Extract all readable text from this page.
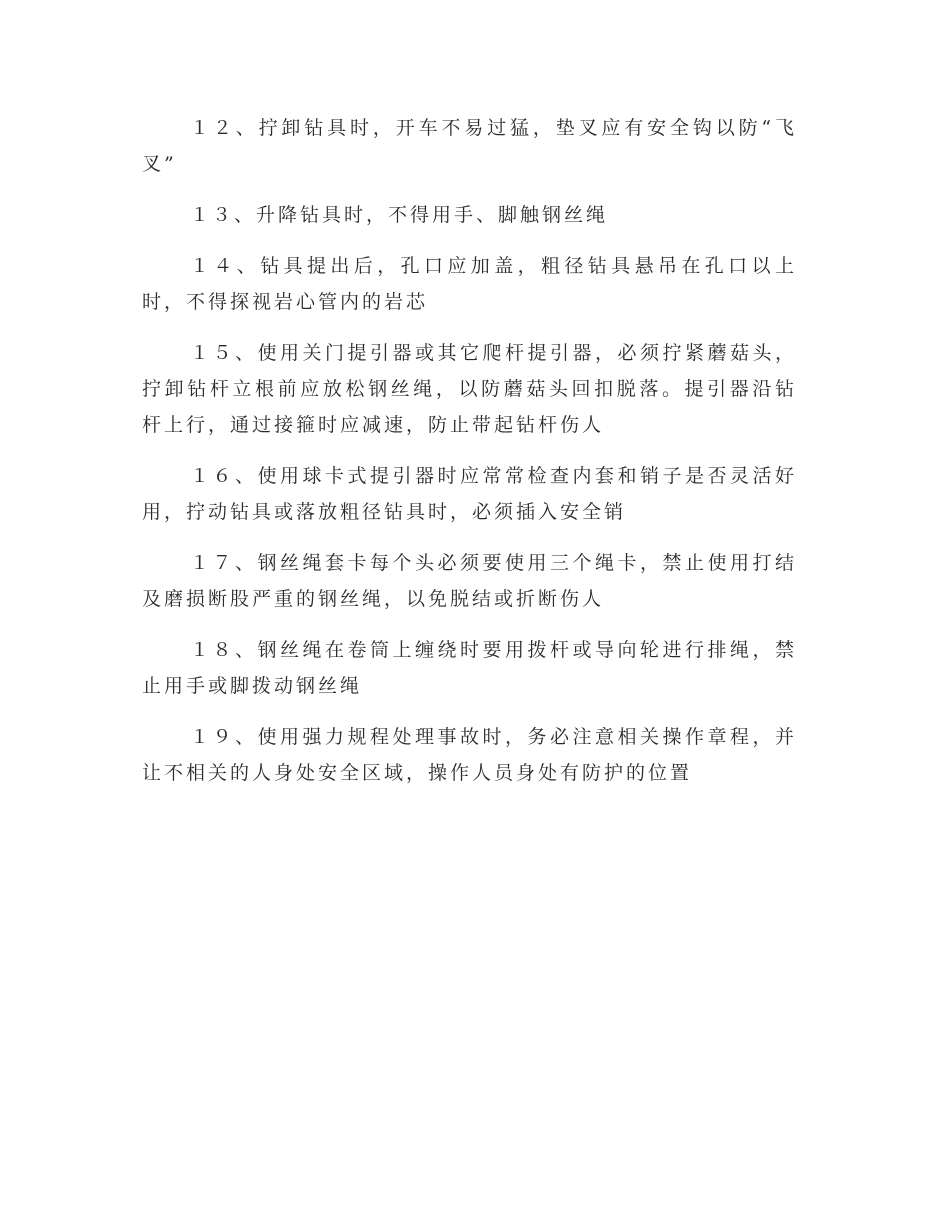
１２、拧卸钻具时，开车不易过猛，垫叉应有安全钩以防“飞叉”

１３、升降钻具时，不得用手、脚触钢丝绳

１４、钻具提出后，孔口应加盖，粗径钻具悬吊在孔口以上时，不得探视岩心管内的岩芯

１５、使用关门提引器或其它爬杆提引器，必须拧紧蘑菇头，拧卸钻杆立根前应放松钢丝绳，以防蘑菇头回扣脱落。提引器沿钻杆上行，通过接箍时应减速，防止带起钻杆伤人

１６、使用球卡式提引器时应常常检查内套和销子是否灵活好用，拧动钻具或落放粗径钻具时，必须插入安全销

１７、钢丝绳套卡每个头必须要使用三个绳卡，禁止使用打结及磨损断股严重的钢丝绳，以免脱结或折断伤人

１８、钢丝绳在卷筒上缠绕时要用拨杆或导向轮进行排绳，禁止用手或脚拨动钢丝绳

１９、使用强力规程处理事故时，务必注意相关操作章程，并让不相关的人身处安全区域，操作人员身处有防护的位置
